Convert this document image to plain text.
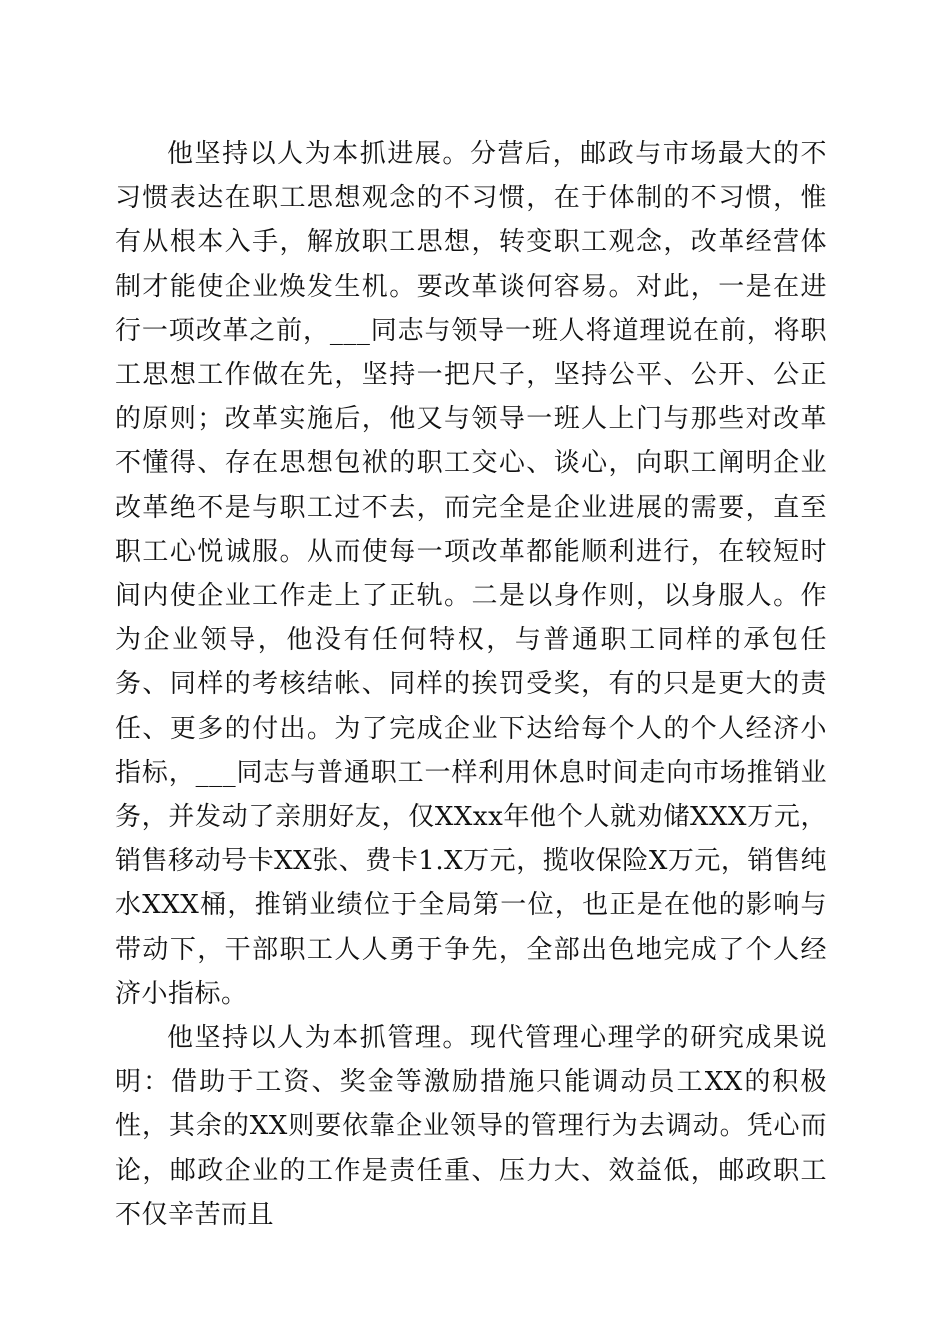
他坚持以人为本抓进展。分营后，邮政与市场最大的不习惯表达在职工思想观念的不习惯，在于体制的不习惯，惟有从根本入手，解放职工思想，转变职工观念，改革经营体制才能使企业焕发生机。要改革谈何容易。对此，一是在进行一项改革之前，___同志与领导一班人将道理说在前，将职工思想工作做在先，坚持一把尺子，坚持公平、公开、公正的原则；改革实施后，他又与领导一班人上门与那些对改革不懂得、存在思想包袱的职工交心、谈心，向职工阐明企业改革绝不是与职工过不去，而完全是企业进展的需要，直至职工心悦诚服。从而使每一项改革都能顺利进行，在较短时间内使企业工作走上了正轨。二是以身作则，以身服人。作为企业领导，他没有任何特权，与普通职工同样的承包任务、同样的考核结帐、同样的挨罚受奖，有的只是更大的责任、更多的付出。为了完成企业下达给每个人的个人经济小指标，___同志与普通职工一样利用休息时间走向市场推销业务，并发动了亲朋好友，仅XXxx年他个人就劝储XXX万元，销售移动号卡XX张、费卡1.X万元，揽收保险X万元，销售纯水XXX桶，推销业绩位于全局第一位，也正是在他的影响与带动下，干部职工人人勇于争先，全部出色地完成了个人经济小指标。

他坚持以人为本抓管理。现代管理心理学的研究成果说明：借助于工资、奖金等激励措施只能调动员工XX的积极性，其余的XX则要依靠企业领导的管理行为去调动。凭心而论，邮政企业的工作是责任重、压力大、效益低，邮政职工不仅辛苦而且
